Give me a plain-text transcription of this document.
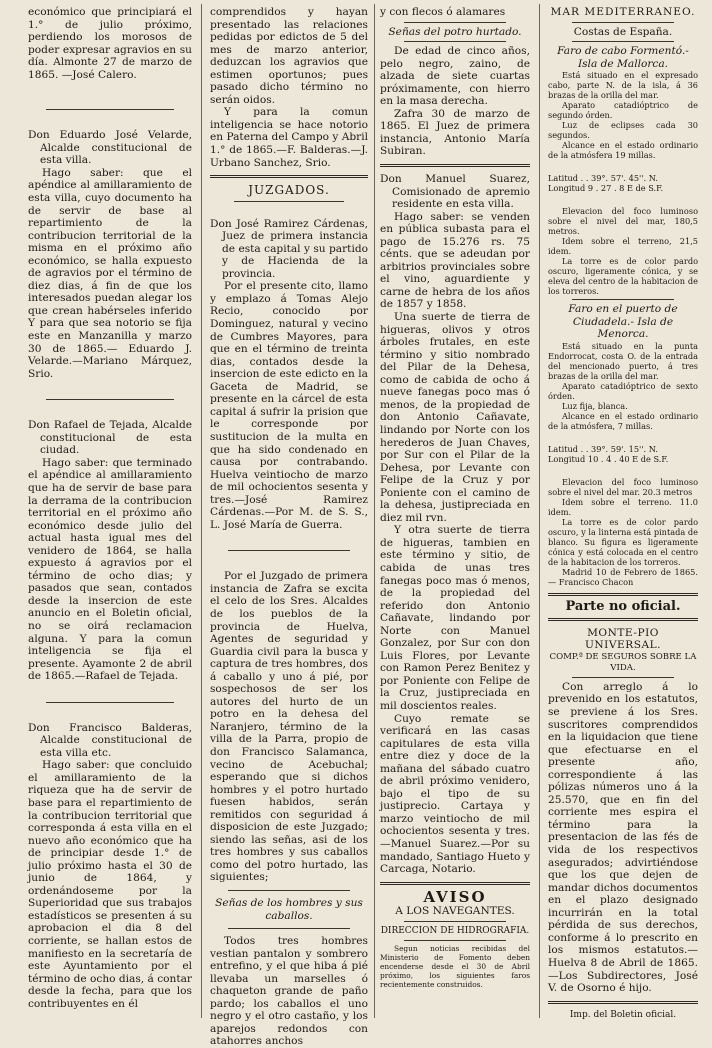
económico que principiará el 1.° de julio próximo, perdiendo los morosos de poder expresar agravios en su día. Almonte 27 de marzo de 1865. —José Calero.

Don Eduardo José Velarde, Alcalde constitucional de esta villa.

Hago saber: que el apéndice al amillaramiento de esta villa, cuyo documento ha de servir de base al repartimiento de la contribucion territorial de la misma en el próximo año económico, se halla expuesto de agravios por el término de diez dias, á fin de que los interesados puedan alegar los que crean habérseles inferido Y para que sea notorio se fija este en Manzanilla y marzo 30 de 1865.— Eduardo J. Velarde.—Mariano Márquez, Srio.

Don Rafael de Tejada, Alcalde constitucional de esta ciudad.

Hago saber: que terminado el apéndice al amillaramiento que ha de servir de base para la derrama de la contribucion territorial en el próximo año económico desde julio del actual hasta igual mes del venidero de 1864, se halla expuesto á agravios por el término de ocho dias; y pasados que sean, contados desde la insercion de este anuncio en el Boletin oficial, no se oirá reclamacion alguna. Y para la comun inteligencia se fija el presente. Ayamonte 2 de abril de 1865.—Rafael de Tejada.

Don Francisco Balderas, Alcalde constitucional de esta villa etc.

Hago saber: que concluido el amillaramiento de la riqueza que ha de servir de base para el repartimiento de la contribucion territorial que corresponda á esta villa en el nuevo año económico que ha de principiar desde 1.° de julio próximo hasta el 30 de junio de 1864, y ordenándoseme por la Superioridad que sus trabajos estadísticos se presenten á su aprobacion el dia 8 del corriente, se hallan estos de manifiesto en la secretaría de este Ayuntamiento por el término de ocho dias, á contar desde la fecha, para que los contribuyentes en él

comprendidos y hayan presentado las relaciones pedidas por edictos de 5 del mes de marzo anterior, deduzcan los agravios que estimen oportunos; pues pasado dicho término no serán oidos.

Y para la comun inteligencia se hace notorio en Paterna del Campo y Abril 1.° de 1865.—F. Balderas.—J. Urbano Sanchez, Srio.

JUZGADOS.

Don José Ramirez Cárdenas, Juez de primera instancia de esta capital y su partido y de Hacienda de la provincia.

Por el presente cito, llamo y emplazo á Tomas Alejo Recio, conocido por Dominguez, natural y vecino de Cumbres Mayores, para que en el término de treinta dias, contados desde la insercion de este edicto en la Gaceta de Madrid, se presente en la cárcel de esta capital á sufrir la prision que le corresponde por sustitucion de la multa en que ha sido condenado en causa por contrabando. Huelva veintiocho de marzo de mil ochocientos sesenta y tres.—José Ramirez Cárdenas.—Por M. de S. S., L. José María de Guerra.

Por el Juzgado de primera instancia de Zafra se excita el celo de los Sres. Alcaldes de los pueblos de la provincia de Huelva, Agentes de seguridad y Guardia civil para la busca y captura de tres hombres, dos á caballo y uno á pié, por sospechosos de ser los autores del hurto de un potro en la dehesa del Naranjero, término de la villa de la Parra, propio de don Francisco Salamanca, vecino de Acebuchal; esperando que si dichos hombres y el potro hurtado fuesen habidos, serán remitidos con seguridad á disposicion de este Juzgado; siendo las señas, asi de los tres hombres y sus caballos como del potro hurtado, las siguientes;

Señas de los hombres y sus caballos.

Todos tres hombres vestian pantalon y sombrero entrefino, y el que hiba á pié llevaba un marselles ó chaqueton grande de paño pardo; los caballos el uno negro y el otro castaño, y los aparejos redondos con atahorres anchos

y con flecos ó alamares

Señas del potro hurtado.

De edad de cinco años, pelo negro, zaino, de alzada de siete cuartas próximamente, con hierro en la masa derecha.

Zafra 30 de marzo de 1865. El Juez de primera instancia, Antonio María Subiran.

Don Manuel Suarez, Comisionado de apremio residente en esta villa.

Hago saber: se venden en pública subasta para el pago de 15.276 rs. 75 cénts. que se adeudan por arbitrios provinciales sobre el vino, aguardiente y carne de hebra de los años de 1857 y 1858.

Una suerte de tierra de higueras, olivos y otros árboles frutales, en este término y sitio nombrado del Pilar de la Dehesa, como de cabida de ocho á nueve fanegas poco mas ó menos, de la propiedad de don Antonio Cañavate, lindando por Norte con los herederos de Juan Chaves, por Sur con el Pilar de la Dehesa, por Levante con Felipe de la Cruz y por Poniente con el camino de la dehesa, justipreciada en diez mil rvn.

Y otra suerte de tierra de higueras, tambien en este término y sitio, de cabida de unas tres fanegas poco mas ó menos, de la propiedad del referido don Antonio Cañavate, lindando por Norte con Manuel Gonzalez, por Sur con don Luis Flores, por Levante con Ramon Perez Benitez y por Poniente con Felipe de la Cruz, justipreciada en mil doscientos reales.

Cuyo remate se verificará en las casas capitulares de esta villa entre diez y doce de la mañana del sábado cuatro de abril próximo venidero, bajo el tipo de su justiprecio. Cartaya y marzo veintiocho de mil ochocientos sesenta y tres.—Manuel Suarez.—Por su mandado, Santiago Hueto y Carcaga, Notario.

AVISO
A LOS NAVEGANTES.
DIRECCION DE HIDROGRAFIA.

Segun noticias recibidas del Ministerio de Fomento deben encenderse desde el 30 de Abril próximo, los siguientes faros recientemente construidos.

MAR MEDITERRANEO.
Costas de España.

Faro de cabo Formentó.-Isla de Mallorca.

Está situado en el expresado cabo, parte N. de la isla, á 36 brazas de la orilla del mar.

Aparato catadióptrico de segundo órden.

Luz de eclipses cada 30 segundos.

Alcance en el estado ordinario de la atmósfera 19 millas.

Latitud . . 39°. 57'. 45''. N.

Longitud 9 . 27 . 8 E de S.F.

Elevacion del foco luminoso sobre el nivel del mar, 180,5 metros.

Idem sobre el terreno, 21,5 idem.

La torre es de color pardo oscuro, ligeramente cónica, y se eleva del centro de la habitacion de los torreros.

Faro en el puerto de Ciudadela.- Isla de Menorca.

Está situado en la punta Endorrocat, costa O. de la entrada del mencionado puerto, á tres brazas de la orilla del mar.

Aparato catadióptrico de sexto órden.

Luz fija, blanca.

Alcance en el estado ordinario de la atmósfera, 7 millas.

Latitud . . 39°. 59'. 15''. N.

Longitud 10 . 4 . 40 E de S.F.

Elevacion del foco luminoso sobre el nivel del mar. 20.3 metros

Idem sobre el terreno. 11.0 idem.

La torre es de color pardo oscuro, y la linterna está pintada de blanco. Su figura es ligeramente cónica y está colocada en el centro de la habitacion de los torreros.

Madrid 10 de Febrero de 1865.— Francisco Chacon

Parte no oficial.
MONTE-PIO UNIVERSAL.
COMP.ª DE SEGUROS SOBRE LA VIDA.

Con arreglo á lo prevenido en los estatutos, se previene á los Sres. suscritores comprendidos en la liquidacion que tiene que efectuarse en el presente año, correspondiente á las pólizas números uno á la 25.570, que en fin del corriente mes espira el término para la presentacion de las fés de vida de los respectivos asegurados; advirtiéndose que los que dejen de mandar dichos documentos en el plazo designado incurrirán en la total pérdida de sus derechos, conforme á lo prescrito en los mismos estatutos.—Huelva 8 de Abril de 1865.—Los Subdirectores, José V. de Osorno é hijo.

Imp. del Boletin oficial.
